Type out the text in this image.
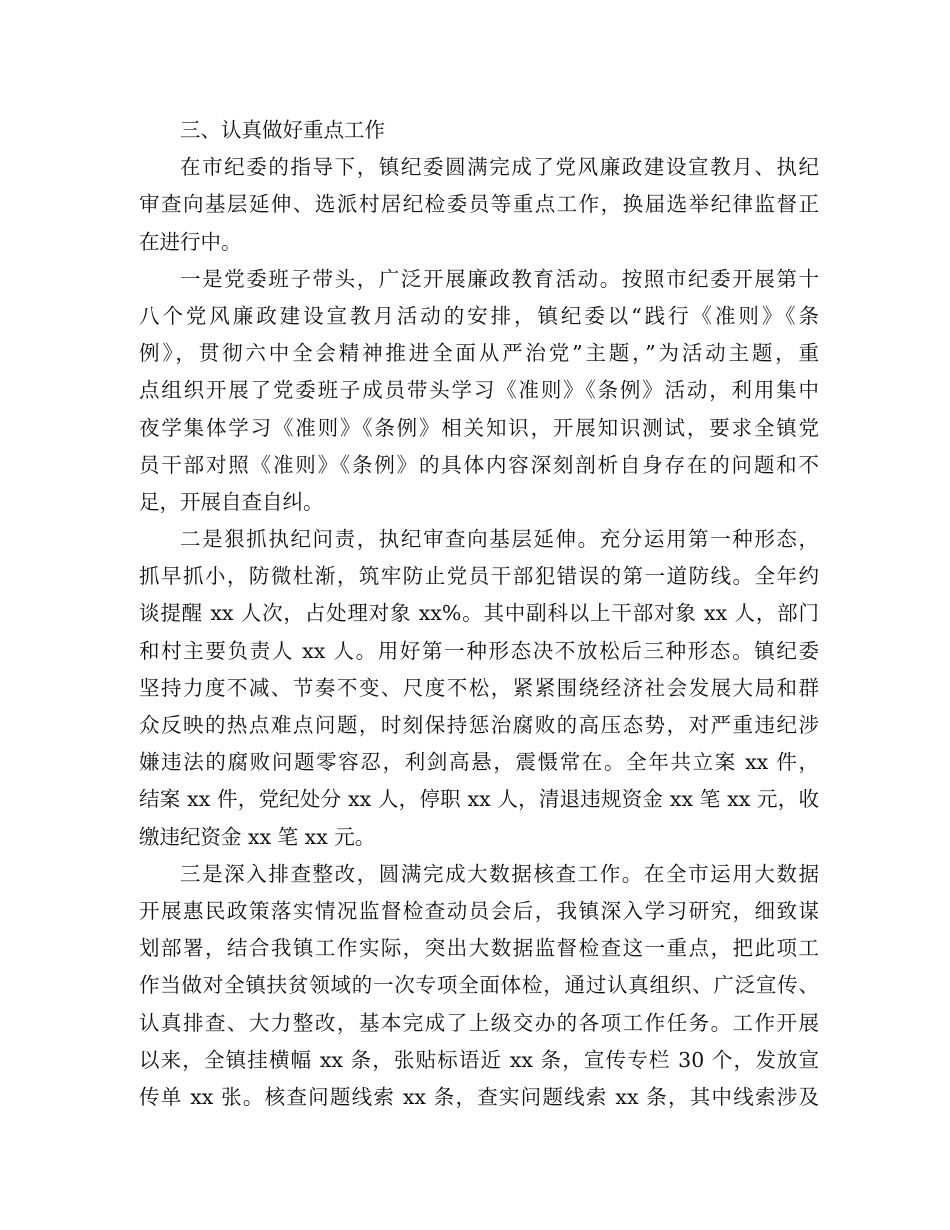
三、认真做好重点工作
在市纪委的指导下，镇纪委圆满完成了党风廉政建设宣教月、执纪
审查向基层延伸、选派村居纪检委员等重点工作，换届选举纪律监督正
在进行中。
一是党委班子带头，广泛开展廉政教育活动。按照市纪委开展第十
八个党风廉政建设宣教月活动的安排，镇纪委以“践行《准则》《条
例》，贯彻六中全会精神推进全面从严治党”主题，”为活动主题，重
点组织开展了党委班子成员带头学习《准则》《条例》活动，利用集中
夜学集体学习《准则》《条例》相关知识，开展知识测试，要求全镇党
员干部对照《准则》《条例》的具体内容深刻剖析自身存在的问题和不
足，开展自查自纠。
二是狠抓执纪问责，执纪审查向基层延伸。充分运用第一种形态，
抓早抓小，防微杜渐，筑牢防止党员干部犯错误的第一道防线。全年约
谈提醒 xx 人次，占处理对象 xx%。其中副科以上干部对象 xx 人，部门
和村主要负责人 xx 人。用好第一种形态决不放松后三种形态。镇纪委
坚持力度不减、节奏不变、尺度不松，紧紧围绕经济社会发展大局和群
众反映的热点难点问题，时刻保持惩治腐败的高压态势，对严重违纪涉
嫌违法的腐败问题零容忍，利剑高悬，震慑常在。全年共立案 xx 件，
结案 xx 件，党纪处分 xx 人，停职 xx 人，清退违规资金 xx 笔 xx 元，收
缴违纪资金 xx 笔 xx 元。
三是深入排查整改，圆满完成大数据核查工作。在全市运用大数据
开展惠民政策落实情况监督检查动员会后，我镇深入学习研究，细致谋
划部署，结合我镇工作实际，突出大数据监督检查这一重点，把此项工
作当做对全镇扶贫领域的一次专项全面体检，通过认真组织、广泛宣传、
认真排查、大力整改，基本完成了上级交办的各项工作任务。工作开展
以来，全镇挂横幅 xx 条，张贴标语近 xx 条，宣传专栏 30 个，发放宣
传单 xx 张。核查问题线索 xx 条，查实问题线索 xx 条，其中线索涉及
